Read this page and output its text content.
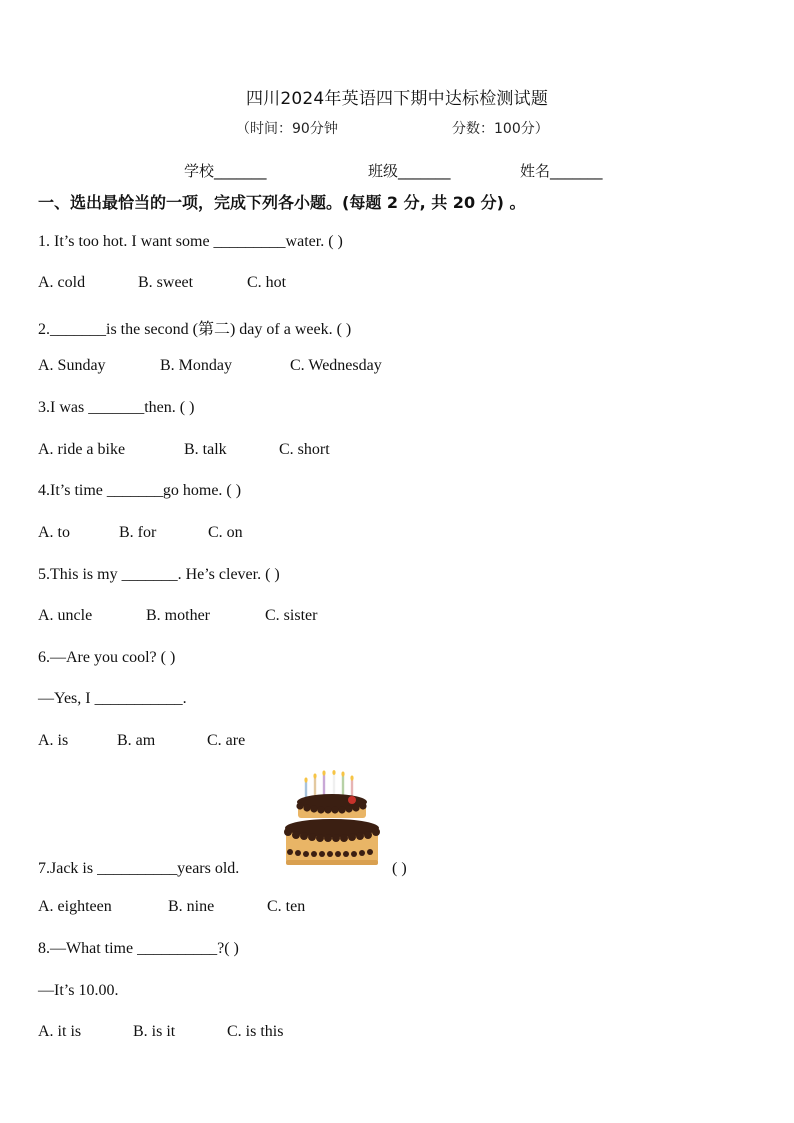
四川2024年英语四下期中达标检测试题
（时间：90分钟	分数：100分）
学校_______	班级_______	姓名_______
一、选出最恰当的一项，完成下列各小题。(每题 2 分, 共 20 分) 。
1. It’s too hot. I want some _________water. ( )
A. cold	B. sweet	C. hot
2._______is the second (第二) day of a week. ( )
A. Sunday	B. Monday	C. Wednesday
3.I was _______then. ( )
A. ride a bike	B. talk	C. short
4.It’s time _______go home. ( )
A. to	B. for	C. on
5.This is my _______. He’s clever. ( )
A. uncle	B. mother	C. sister
6.—Are you cool? ( )
—Yes, I ___________.
A. is	B. am	C. are
7.Jack is __________years old.	( )
A. eighteen	B. nine	C. ten
8.—What time __________?( )
—It’s 10.00.
A. it is	B. is it	C. is this
